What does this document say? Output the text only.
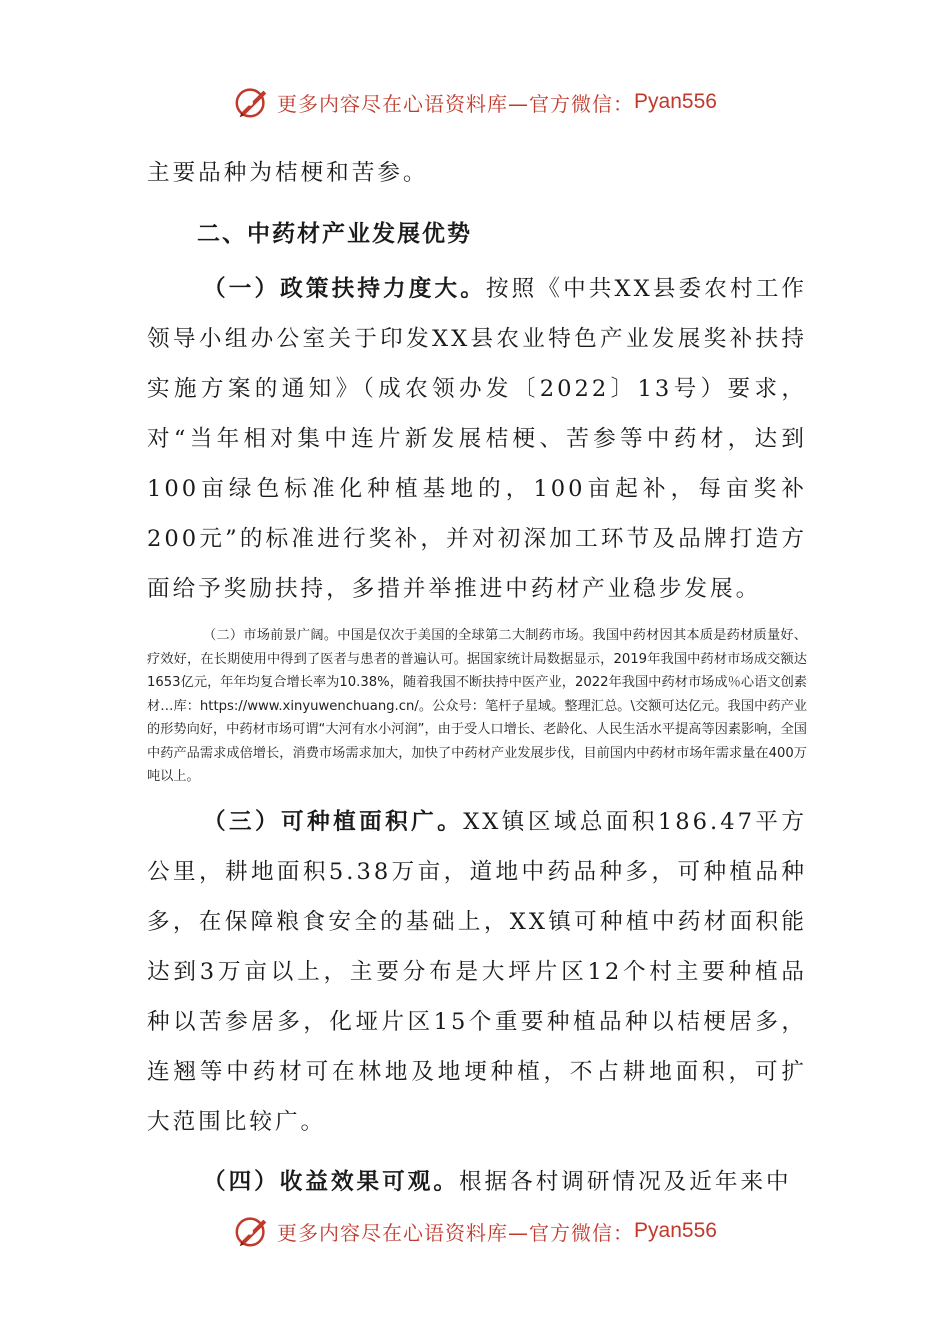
更多内容尽在心语资料库—官方微信： Pyan556

主要品种为桔梗和苦参。

二、中药材产业发展优势

（一）政策扶持力度大。按照《中共XX县委农村工作领导小组办公室关于印发XX县农业特色产业发展奖补扶持实施方案的通知》（成农领办发〔2022〕13号）要求，对“当年相对集中连片新发展桔梗、苦参等中药材，达到100亩绿色标准化种植基地的，100亩起补，每亩奖补200元”的标准进行奖补，并对初深加工环节及品牌打造方面给予奖励扶持，多措并举推进中药材产业稳步发展。

（二）市场前景广阔。中国是仅次于美国的全球第二大制药市场。我国中药材因其本质是药材质量好、疗效好，在长期使用中得到了医者与患者的普遍认可。据国家统计局数据显示，2019年我国中药材市场成交额达1653亿元，年年均复合增长率为10.38%，随着我国不断扶持中医产业，2022年我国中药材市场成％心语文创素材…库：https://www.xinyuwenchuang.cn/。公众号：笔杆子星域。整理汇总。\交额可达亿元。我国中药产业的形势向好，中药材市场可谓“大河有水小河润”，由于受人口增长、老龄化、人民生活水平提高等因素影响，全国中药产品需求成倍增长，消费市场需求加大，加快了中药材产业发展步伐，目前国内中药材市场年需求量在400万吨以上。

（三）可种植面积广。XX镇区域总面积186.47平方公里，耕地面积5.38万亩，道地中药品种多，可种植品种多，在保障粮食安全的基础上，XX镇可种植中药材面积能达到3万亩以上，主要分布是大坪片区12个村主要种植品种以苦参居多，化垭片区15个重要种植品种以桔梗居多，连翘等中药材可在林地及地埂种植，不占耕地面积，可扩大范围比较广。

（四）收益效果可观。根据各村调研情况及近年来中

更多内容尽在心语资料库—官方微信： Pyan556
